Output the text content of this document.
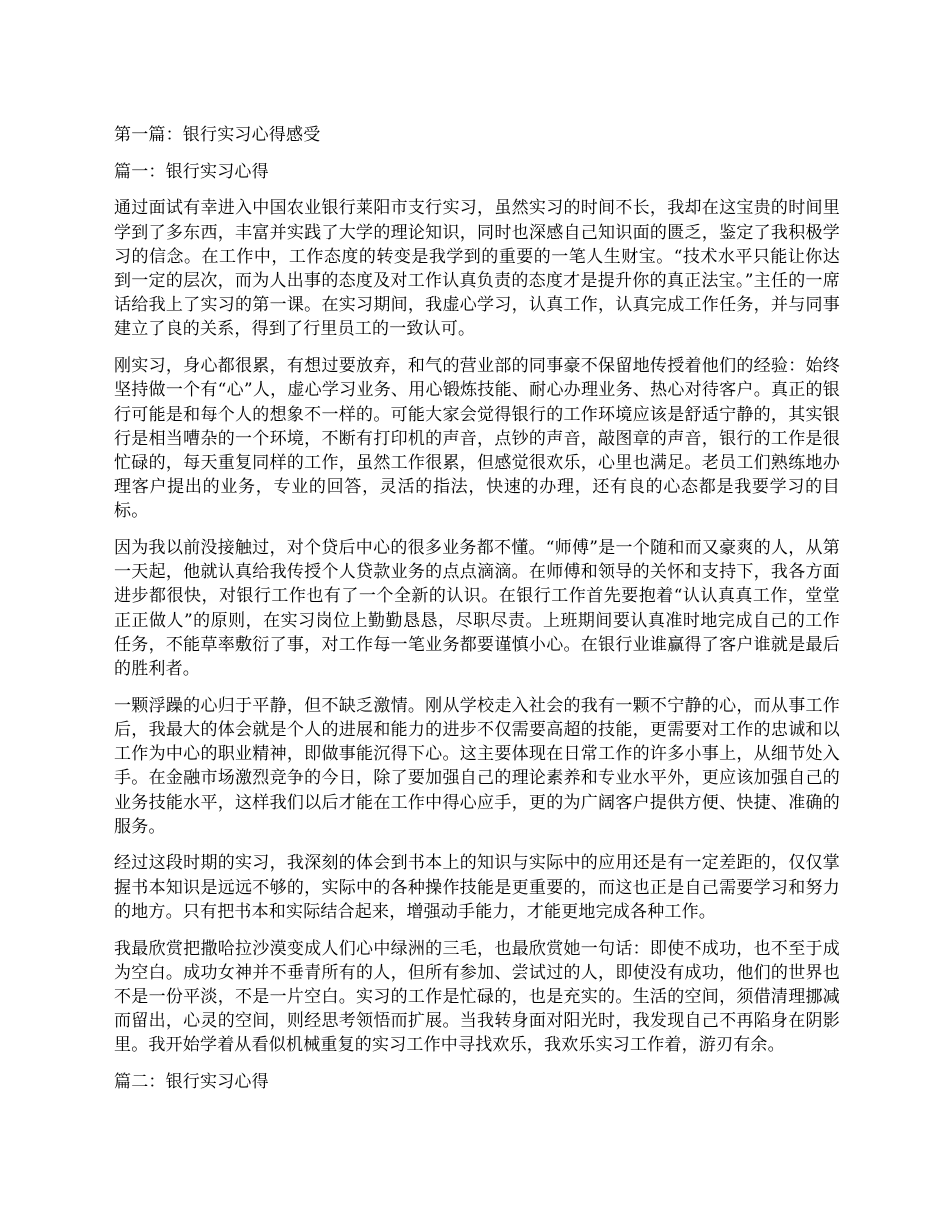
第一篇：银行实习心得感受

篇一：银行实习心得

通过面试有幸进入中国农业银行莱阳市支行实习，虽然实习的时间不长，我却在这宝贵的时间里学到了多东西，丰富并实践了大学的理论知识，同时也深感自己知识面的匮乏，鉴定了我积极学习的信念。在工作中，工作态度的转变是我学到的重要的一笔人生财宝。“技术水平只能让你达到一定的层次，而为人出事的态度及对工作认真负责的态度才是提升你的真正法宝。”主任的一席话给我上了实习的第一课。在实习期间，我虚心学习，认真工作，认真完成工作任务，并与同事建立了良的关系，得到了行里员工的一致认可。

刚实习，身心都很累，有想过要放弃，和气的营业部的同事豪不保留地传授着他们的经验：始终坚持做一个有“心”人，虚心学习业务、用心锻炼技能、耐心办理业务、热心对待客户。真正的银行可能是和每个人的想象不一样的。可能大家会觉得银行的工作环境应该是舒适宁静的，其实银行是相当嘈杂的一个环境，不断有打印机的声音，点钞的声音，敲图章的声音，银行的工作是很忙碌的，每天重复同样的工作，虽然工作很累，但感觉很欢乐，心里也满足。老员工们熟练地办理客户提出的业务，专业的回答，灵活的指法，快速的办理，还有良的心态都是我要学习的目标。

因为我以前没接触过，对个贷后中心的很多业务都不懂。“师傅”是一个随和而又豪爽的人，从第一天起，他就认真给我传授个人贷款业务的点点滴滴。在师傅和领导的关怀和支持下，我各方面进步都很快，对银行工作也有了一个全新的认识。在银行工作首先要抱着“认认真真工作，堂堂正正做人”的原则，在实习岗位上勤勤恳恳，尽职尽责。上班期间要认真准时地完成自己的工作任务，不能草率敷衍了事，对工作每一笔业务都要谨慎小心。在银行业谁赢得了客户谁就是最后的胜利者。

一颗浮躁的心归于平静，但不缺乏激情。刚从学校走入社会的我有一颗不宁静的心，而从事工作后，我最大的体会就是个人的进展和能力的进步不仅需要高超的技能，更需要对工作的忠诚和以工作为中心的职业精神，即做事能沉得下心。这主要体现在日常工作的许多小事上，从细节处入手。在金融市场激烈竞争的今日，除了要加强自己的理论素养和专业水平外，更应该加强自己的业务技能水平，这样我们以后才能在工作中得心应手，更的为广阔客户提供方便、快捷、准确的服务。

经过这段时期的实习，我深刻的体会到书本上的知识与实际中的应用还是有一定差距的，仅仅掌握书本知识是远远不够的，实际中的各种操作技能是更重要的，而这也正是自己需要学习和努力的地方。只有把书本和实际结合起来，增强动手能力，才能更地完成各种工作。

我最欣赏把撒哈拉沙漠变成人们心中绿洲的三毛，也最欣赏她一句话：即使不成功，也不至于成为空白。成功女神并不垂青所有的人，但所有参加、尝试过的人，即使没有成功，他们的世界也不是一份平淡，不是一片空白。实习的工作是忙碌的，也是充实的。生活的空间，须借清理挪减而留出，心灵的空间，则经思考领悟而扩展。当我转身面对阳光时，我发现自己不再陷身在阴影里。我开始学着从看似机械重复的实习工作中寻找欢乐，我欢乐实习工作着，游刃有余。

篇二：银行实习心得
